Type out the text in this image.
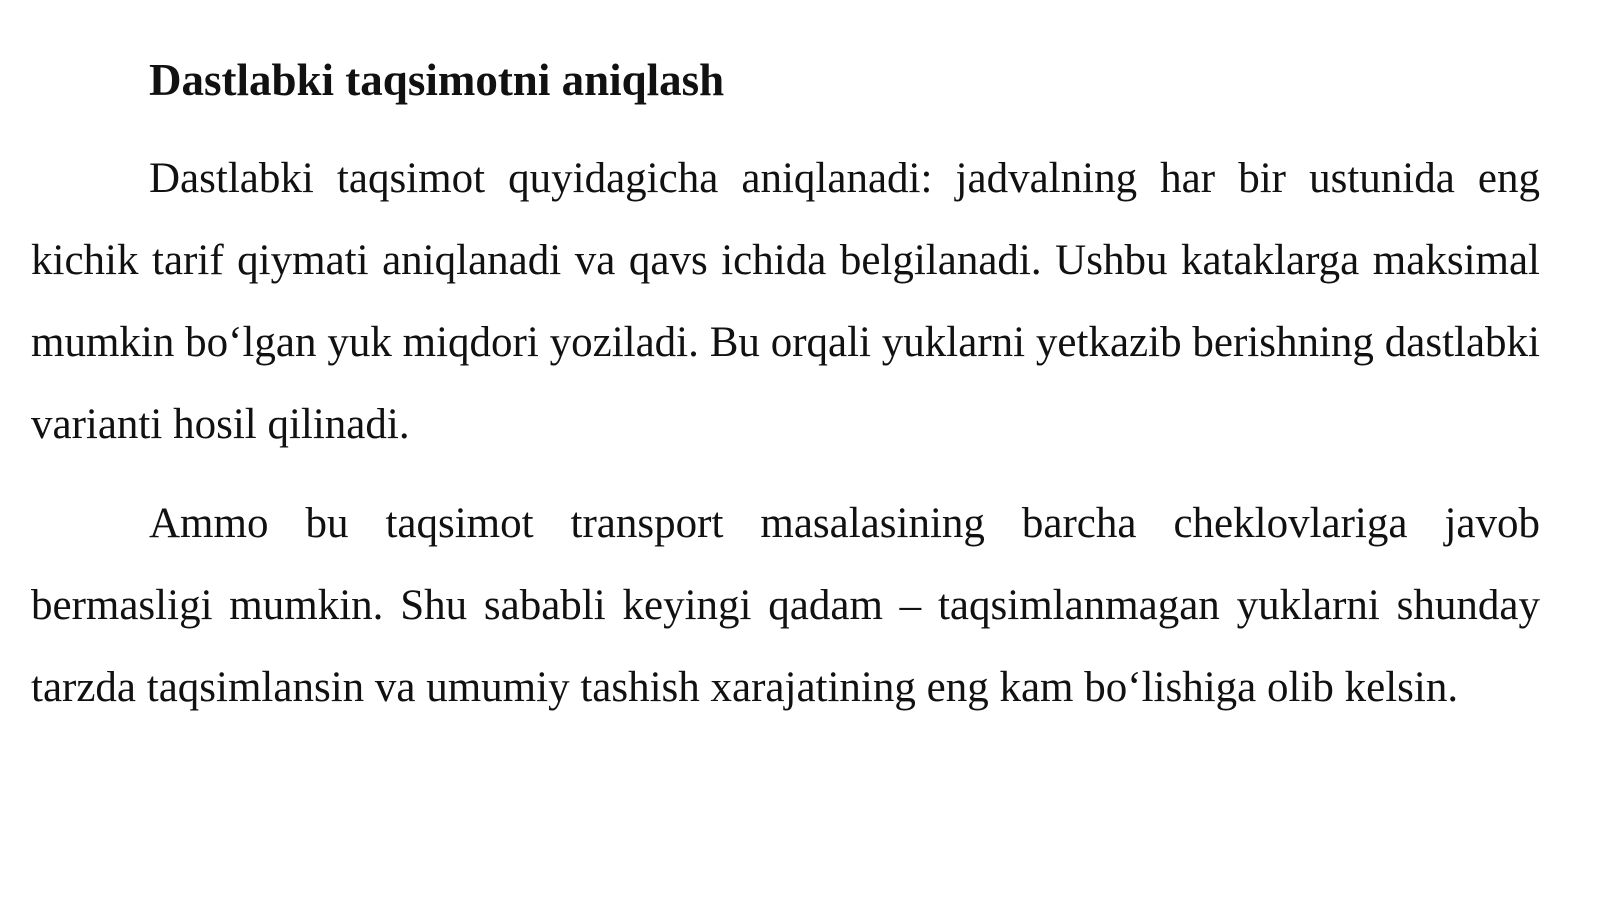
Dastlabki taqsimotni aniqlash

Dastlabki taqsimot quyidagicha aniqlanadi: jadvalning har bir ustunida eng kichik tarif qiymati aniqlanadi va qavs ichida belgilanadi. Ushbu kataklarga maksimal mumkin bo‘lgan yuk miqdori yoziladi. Bu orqali yuklarni yetkazib berishning dastlabki varianti hosil qilinadi.

Ammo bu taqsimot transport masalasining barcha cheklovlariga javob bermasligi mumkin. Shu sababli keyingi qadam – taqsimlanmagan yuklarni shunday tarzda taqsimlansin va umumiy tashish xarajatining eng kam bo‘lishiga olib kelsin.
